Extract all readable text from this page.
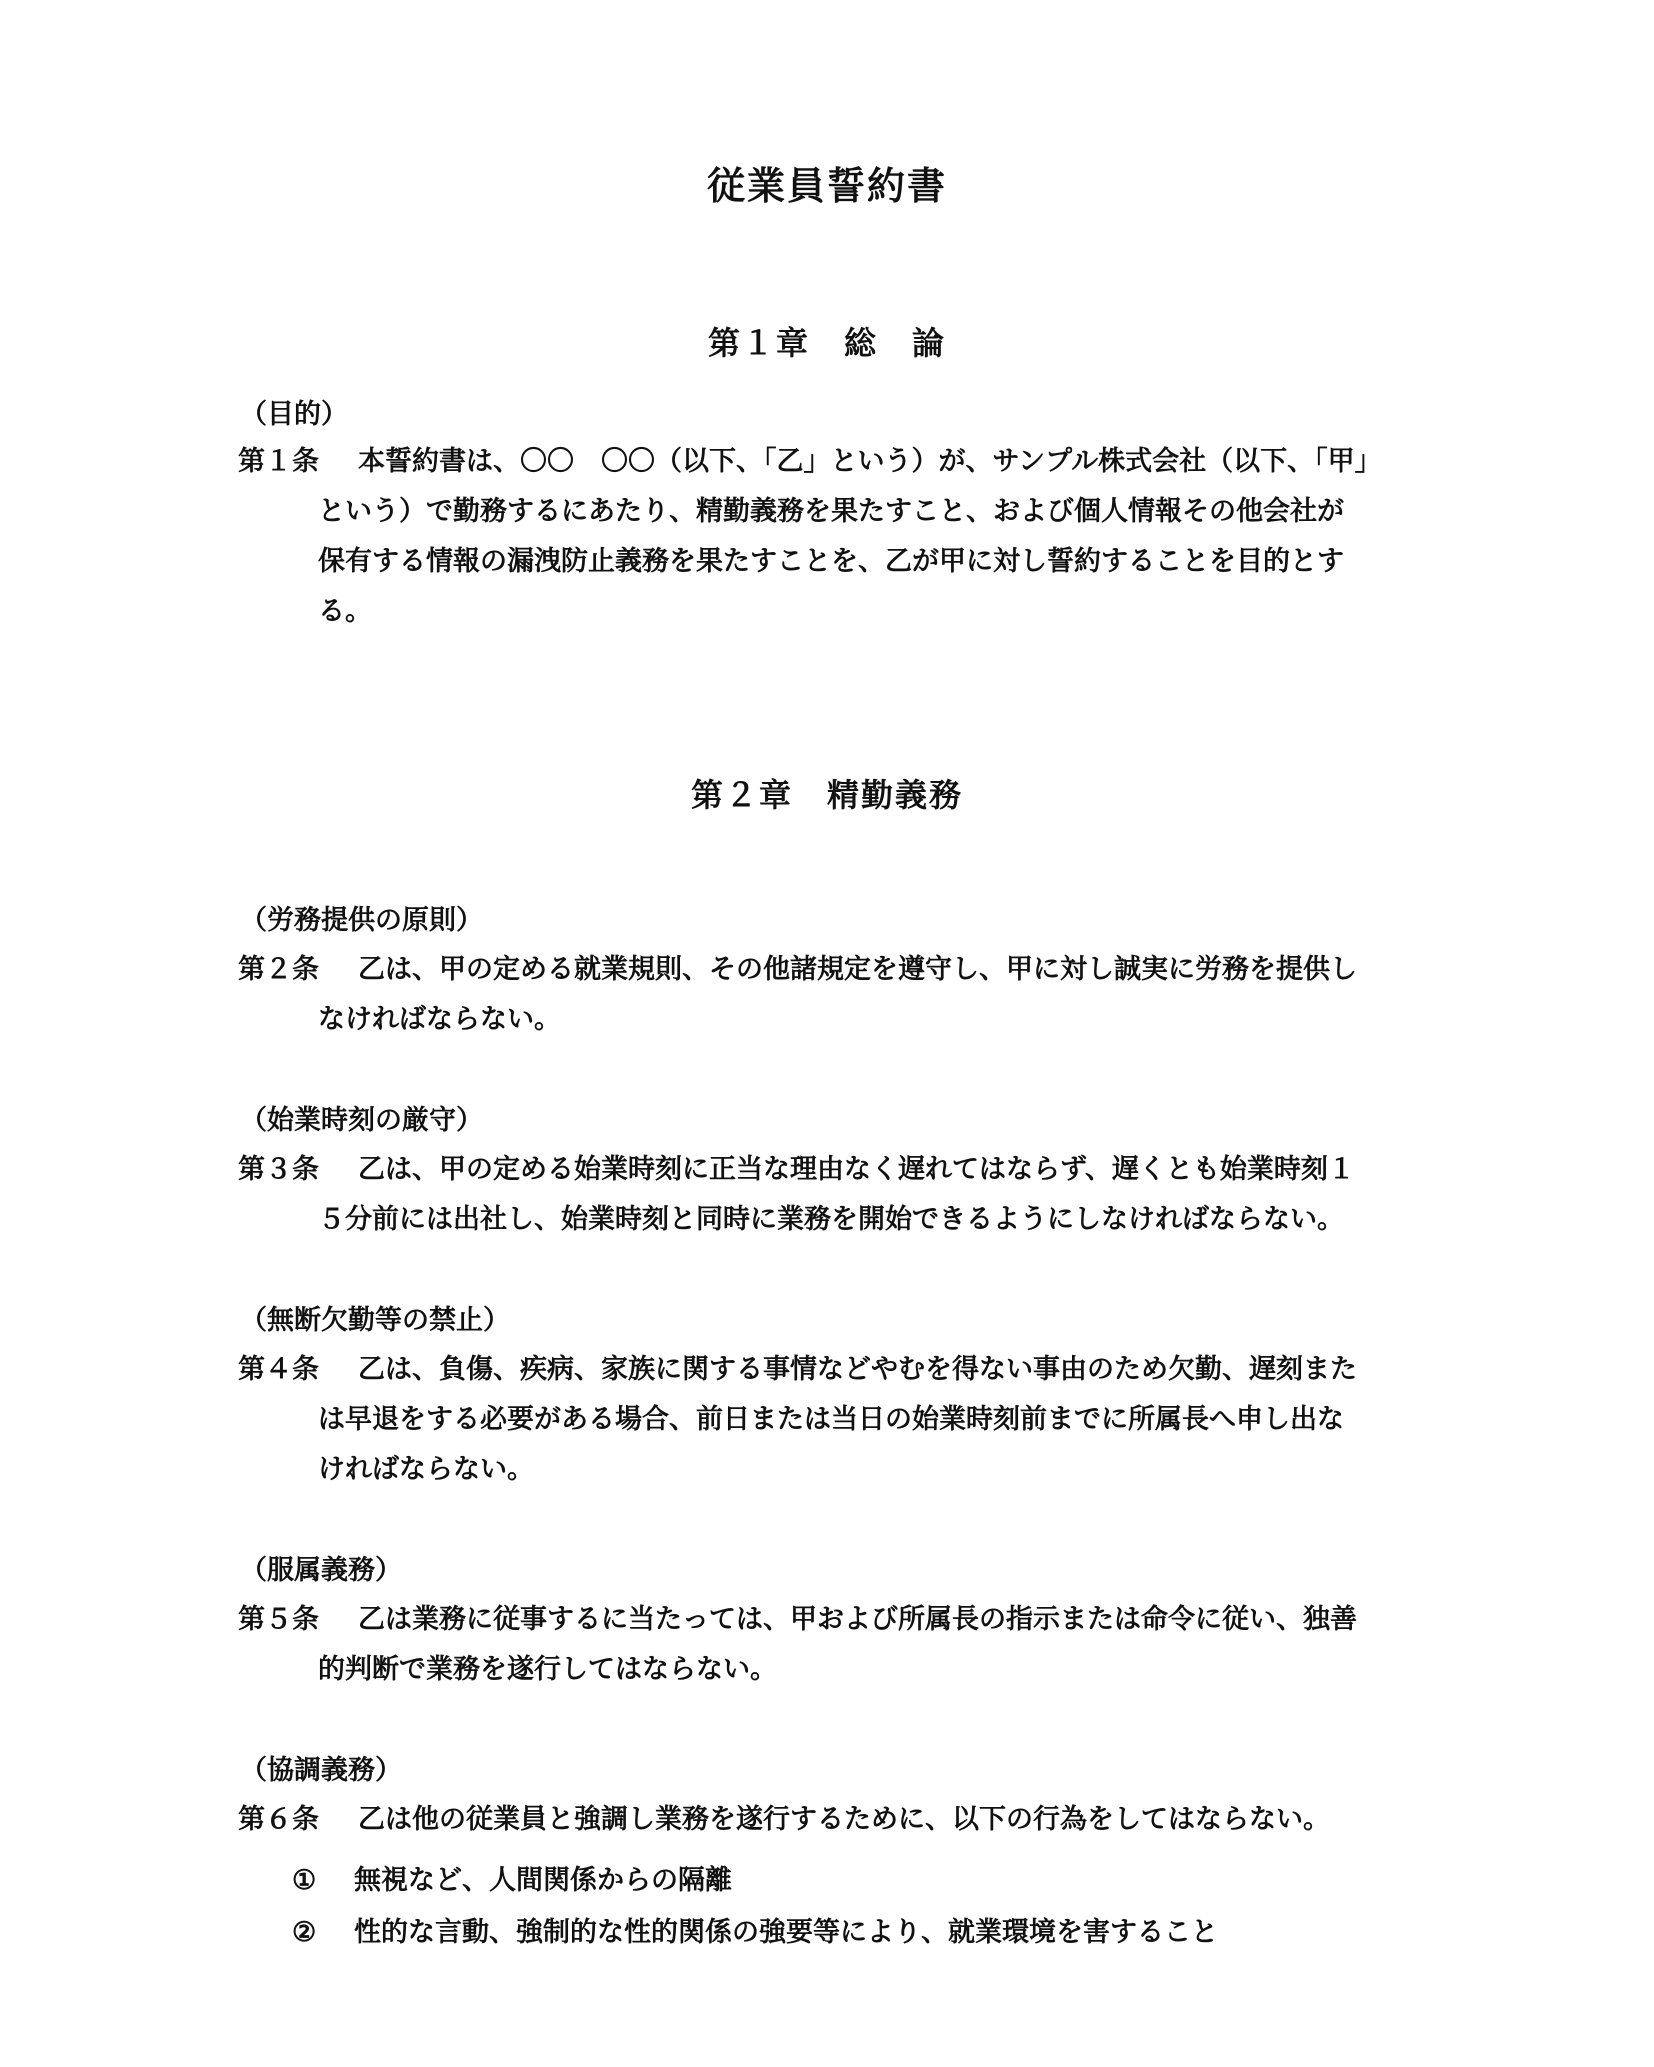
従業員誓約書
第１章　総　論
（目的）
第１条 本誓約書は、〇〇　〇〇（以下、「乙」という）が、サンプル株式会社（以下、「甲」
という）で勤務するにあたり、精勤義務を果たすこと、および個人情報その他会社が
保有する情報の漏洩防止義務を果たすことを、乙が甲に対し誓約することを目的とす
る。
第２章　精勤義務
（労務提供の原則）
第２条 乙は、甲の定める就業規則、その他諸規定を遵守し、甲に対し誠実に労務を提供し
なければならない。
（始業時刻の厳守）
第３条 乙は、甲の定める始業時刻に正当な理由なく遅れてはならず、遅くとも始業時刻１
５分前には出社し、始業時刻と同時に業務を開始できるようにしなければならない。
（無断欠勤等の禁止）
第４条 乙は、負傷、疾病、家族に関する事情などやむを得ない事由のため欠勤、遅刻また
は早退をする必要がある場合、前日または当日の始業時刻前までに所属長へ申し出な
ければならない。
（服属義務）
第５条 乙は業務に従事するに当たっては、甲および所属長の指示または命令に従い、独善
的判断で業務を遂行してはならない。
（協調義務）
第６条 乙は他の従業員と強調し業務を遂行するために、以下の行為をしてはならない。
① 無視など、人間関係からの隔離
② 性的な言動、強制的な性的関係の強要等により、就業環境を害すること
